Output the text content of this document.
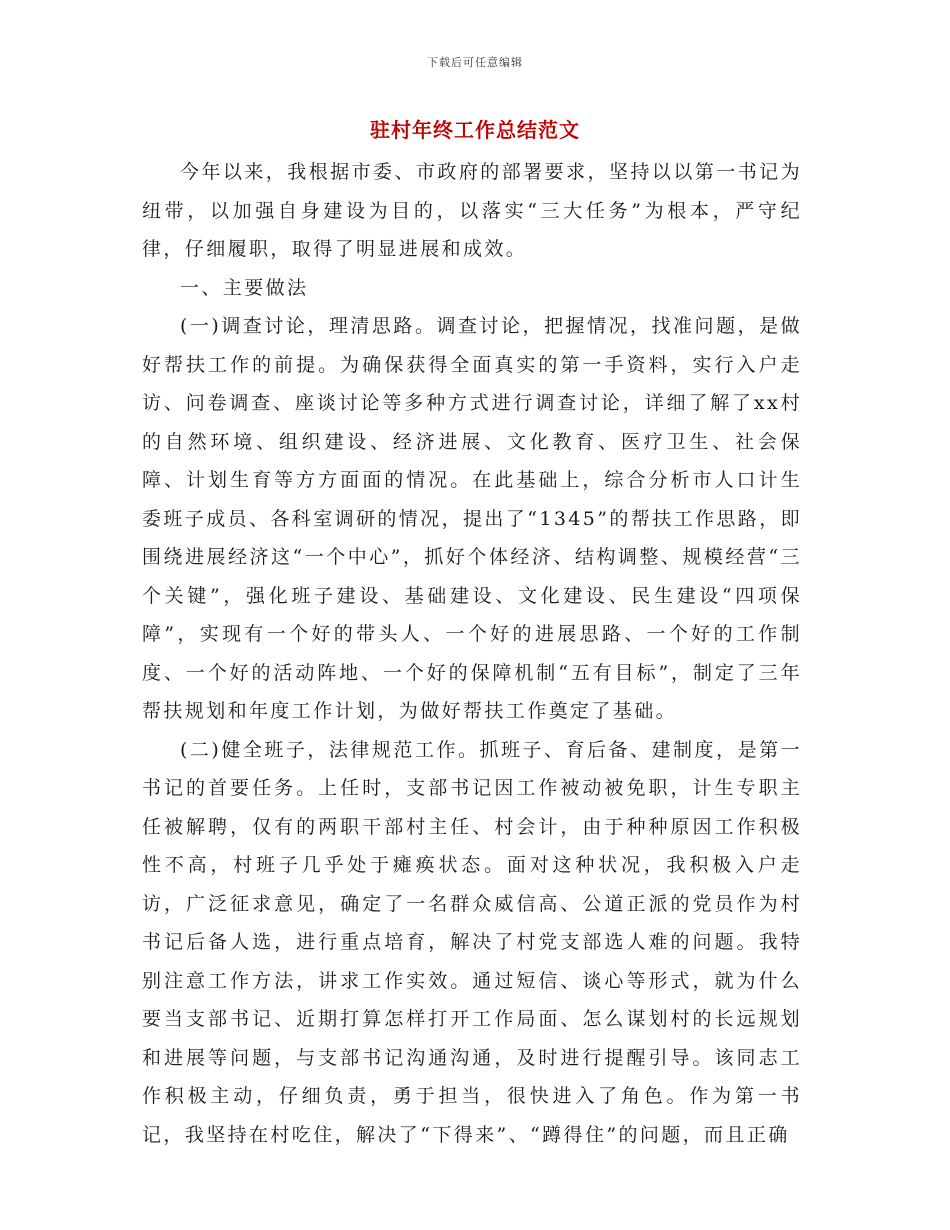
下载后可任意编辑
驻村年终工作总结范文

今年以来，我根据市委、市政府的部署要求，坚持以以第一书记为纽带，以加强自身建设为目的，以落实“三大任务”为根本，严守纪律，仔细履职，取得了明显进展和成效。

一、主要做法

(一)调查讨论，理清思路。调查讨论，把握情况，找准问题，是做好帮扶工作的前提。为确保获得全面真实的第一手资料，实行入户走访、问卷调查、座谈讨论等多种方式进行调查讨论，详细了解了xx村的自然环境、组织建设、经济进展、文化教育、医疗卫生、社会保障、计划生育等方方面面的情况。在此基础上，综合分析市人口计生委班子成员、各科室调研的情况，提出了“1345”的帮扶工作思路，即围绕进展经济这“一个中心”，抓好个体经济、结构调整、规模经营“三个关键”，强化班子建设、基础建设、文化建设、民生建设“四项保障”，实现有一个好的带头人、一个好的进展思路、一个好的工作制度、一个好的活动阵地、一个好的保障机制“五有目标”，制定了三年帮扶规划和年度工作计划，为做好帮扶工作奠定了基础。

(二)健全班子，法律规范工作。抓班子、育后备、建制度，是第一书记的首要任务。上任时，支部书记因工作被动被免职，计生专职主任被解聘，仅有的两职干部村主任、村会计，由于种种原因工作积极性不高，村班子几乎处于瘫痪状态。面对这种状况，我积极入户走访，广泛征求意见，确定了一名群众威信高、公道正派的党员作为村书记后备人选，进行重点培育，解决了村党支部选人难的问题。我特别注意工作方法，讲求工作实效。通过短信、谈心等形式，就为什么要当支部书记、近期打算怎样打开工作局面、怎么谋划村的长远规划和进展等问题，与支部书记沟通沟通，及时进行提醒引导。该同志工作积极主动，仔细负责，勇于担当，很快进入了角色。作为第一书记，我坚持在村吃住，解决了“下得来”、“蹲得住”的问题，而且正确
